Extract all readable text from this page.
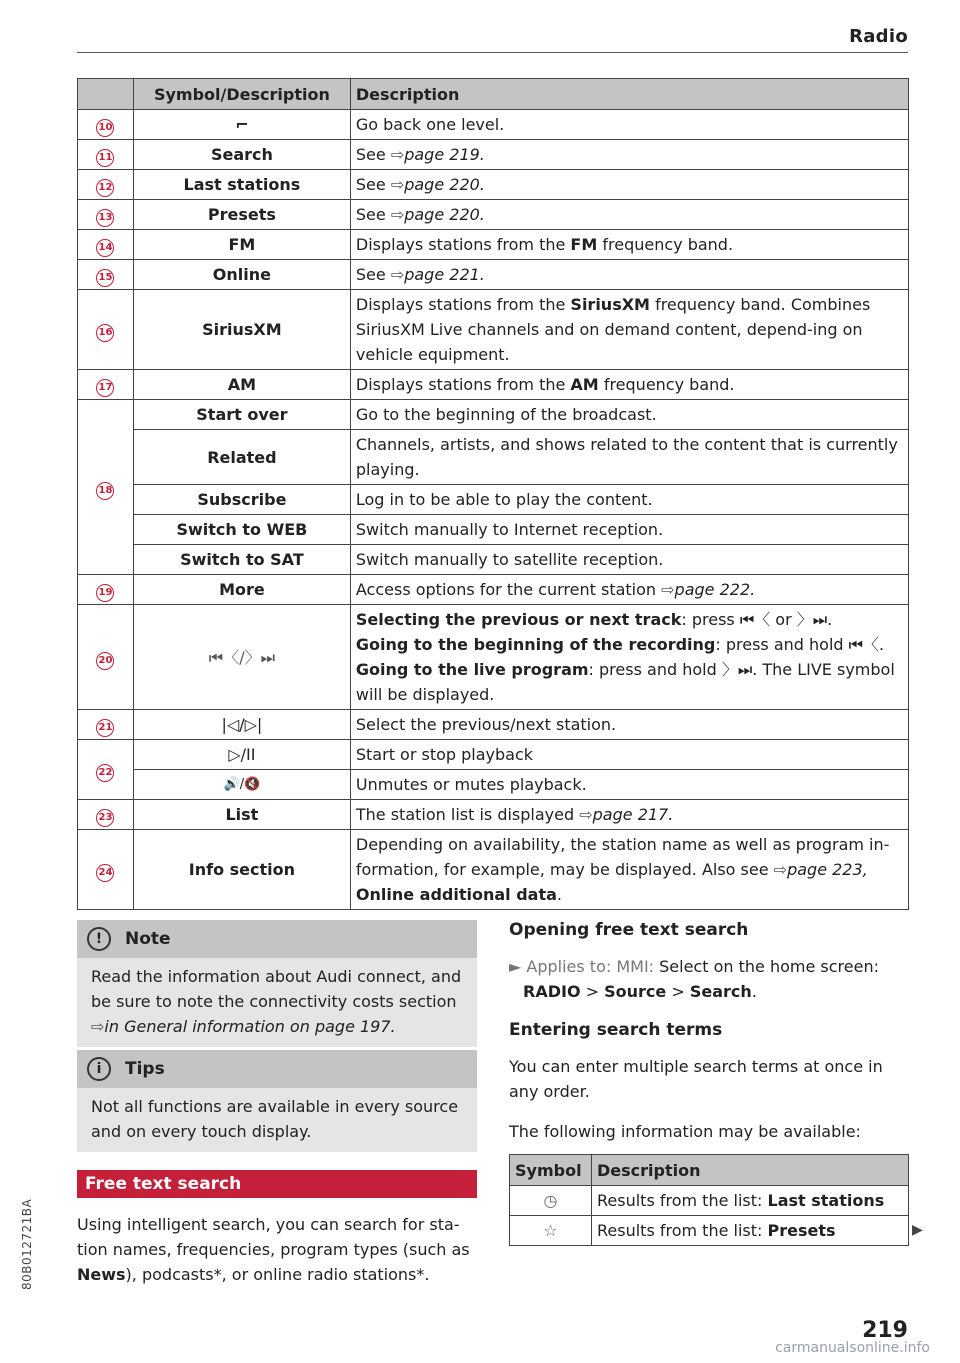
Radio
	Symbol/Description	Description
10	⌐	Go back one level.
11	Search	See ⇨page 219.
12	Last stations	See ⇨page 220.
13	Presets	See ⇨page 220.
14	FM	Displays stations from the FM frequency band.
15	Online	See ⇨page 221.
16	SiriusXM	Displays stations from the SiriusXM frequency band. Combines SiriusXM Live channels and on demand content, depend-ing on vehicle equipment.
17	AM	Displays stations from the AM frequency band.
18	Start over	Go to the beginning of the broadcast.
	Related	Channels, artists, and shows related to the content that is currently playing.
	Subscribe	Log in to be able to play the content.
	Switch to WEB	Switch manually to Internet reception.
	Switch to SAT	Switch manually to satellite reception.
19	More	Access options for the current station ⇨page 222.
20	⏮〈/〉⏭	Selecting the previous or next track: press ⏮〈 or 〉⏭.
Going to the beginning of the recording: press and hold ⏮〈.
Going to the live program: press and hold 〉⏭. The LIVE symbol will be displayed.
21	|◁/▷|	Select the previous/next station.
22	▷/II	Start or stop playback
	🔊/🔇	Unmutes or mutes playback.
23	List	The station list is displayed ⇨page 217.
24	Info section	Depending on availability, the station name as well as program in-formation, for example, may be displayed. Also see ⇨page 223, Online additional data.
!	Note
Read the information about Audi connect, and be sure to note the connectivity costs section
⇨in General information on page 197.
i	Tips
Not all functions are available in every source and on every touch display.
Free text search
Using intelligent search, you can search for sta-tion names, frequencies, program types (such as News), podcasts*, or online radio stations*.
Opening free text search

► Applies to: MMI: Select on the home screen:
RADIO > Source > Search.

Entering search terms

You can enter multiple search terms at once in any order.

The following information may be available:

Symbol	Description
◷	Results from the list: Last stations
☆	Results from the list: Presets	▶
80B012721BA
219
carmanualsonline.info
